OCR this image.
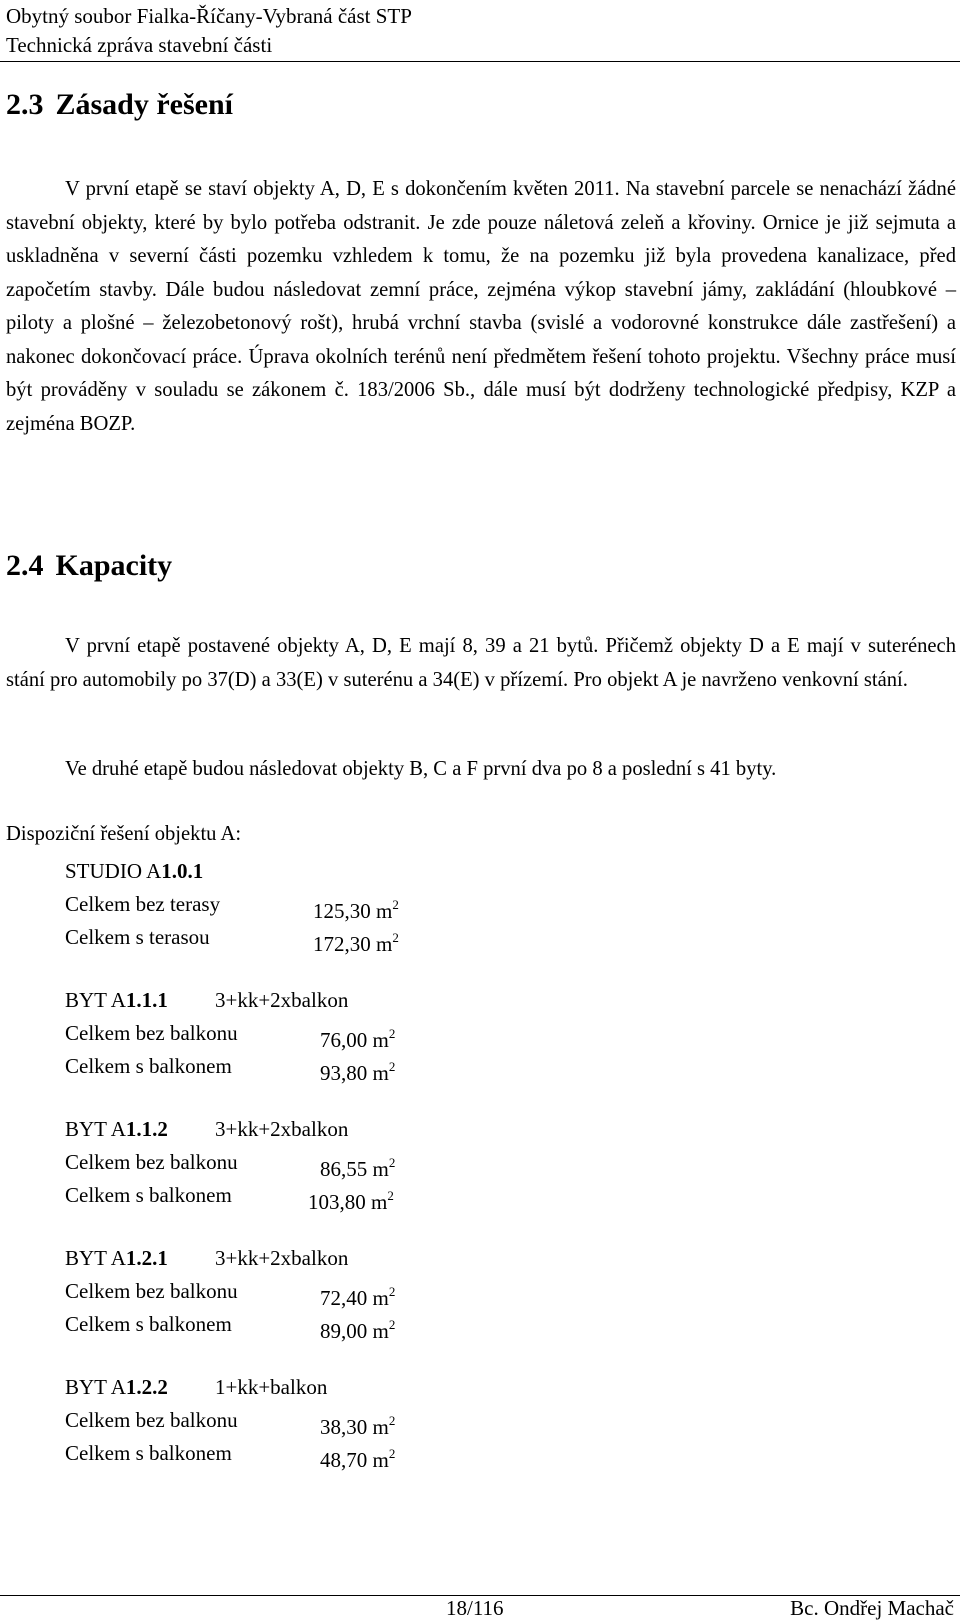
Obytný soubor Fialka-Říčany-Vybraná část STP
Technická zpráva stavební části
2.3 Zásady řešení

V první etapě se staví objekty A, D, E s dokončením květen 2011. Na stavební parcele se nenachází žádné stavební objekty, které by bylo potřeba odstranit. Je zde pouze náletová zeleň a křoviny. Ornice je již sejmuta a uskladněna v severní části pozemku vzhledem k tomu, že na pozemku již byla provedena kanalizace, před započetím stavby. Dále budou následovat zemní práce, zejména výkop stavební jámy, zakládání (hloubkové – piloty a plošné – železobetonový rošt), hrubá vrchní stavba (svislé a vodorovné konstrukce dále zastřešení) a nakonec dokončovací práce. Úprava okolních terénů není předmětem řešení tohoto projektu. Všechny práce musí být prováděny v souladu se zákonem č. 183/2006 Sb., dále musí být dodrženy technologické předpisy, KZP a zejména BOZP.

2.4 Kapacity

V první etapě postavené objekty A, D, E mají 8, 39 a 21 bytů. Přičemž objekty D a E mají v suterénech stání pro automobily po 37(D) a 33(E) v suterénu a 34(E) v přízemí. Pro objekt A je navrženo venkovní stání.

Ve druhé etapě budou následovat objekty B, C a F první dva po 8 a poslední s 41 byty.
Dispoziční řešení objektu A:
STUDIO A1.0.1
Celkem bez terasy	125,30 $m^2$
Celkem s terasou	172,30 $m^2$
BYT A1.1.1 3+kk+2xbalkon
Celkem bez balkonu	76,00 $m^2$
Celkem s balkonem	93,80 $m^2$
BYT A1.1.2 3+kk+2xbalkon
Celkem bez balkonu	86,55 $m^2$
Celkem s balkonem	103,80 $m^2$
BYT A1.2.1 3+kk+2xbalkon
Celkem bez balkonu	72,40 $m^2$
Celkem s balkonem	89,00 $m^2$
BYT A1.2.2 1+kk+balkon
Celkem bez balkonu	38,30 $m^2$
Celkem s balkonem	48,70 $m^2$
18/116	Bc. Ondřej Machač
